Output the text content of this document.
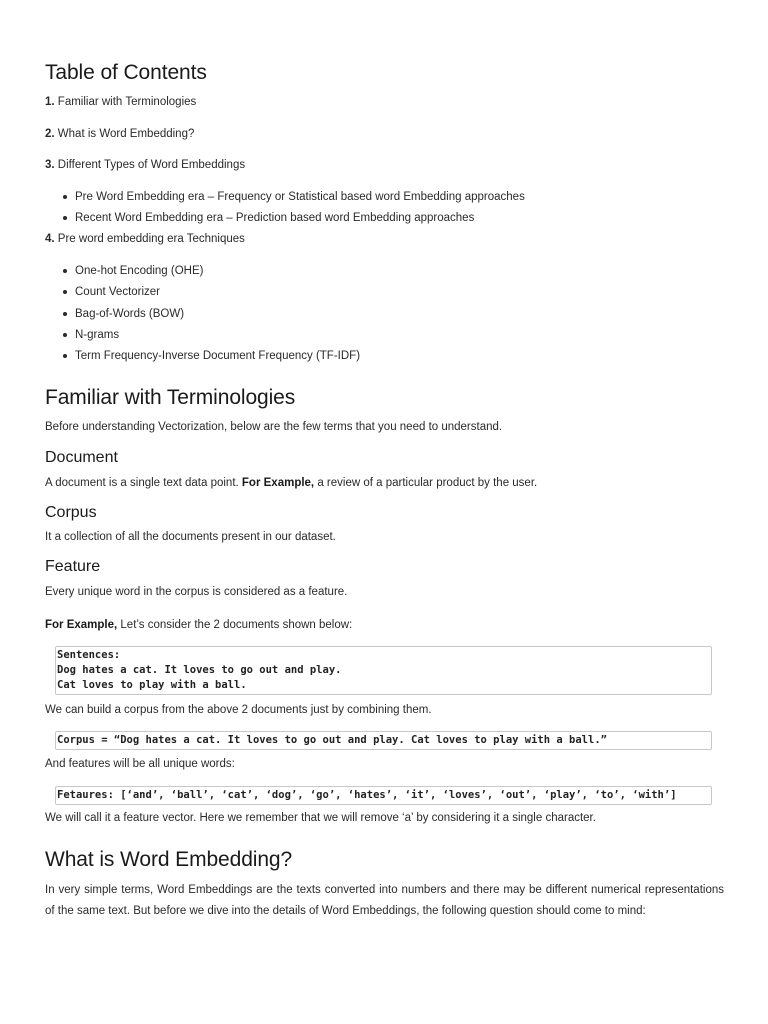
Table of Contents

1. Familiar with Terminologies

2. What is Word Embedding?

3. Different Types of Word Embeddings

Pre Word Embedding era – Frequency or Statistical based word Embedding approaches
Recent Word Embedding era – Prediction based word Embedding approaches

4. Pre word embedding era Techniques

One-hot Encoding (OHE)
Count Vectorizer
Bag-of-Words (BOW)
N-grams
Term Frequency-Inverse Document Frequency (TF-IDF)
Familiar with Terminologies

Before understanding Vectorization, below are the few terms that you need to understand.

Document

A document is a single text data point. For Example, a review of a particular product by the user.

Corpus

It a collection of all the documents present in our dataset.

Feature

Every unique word in the corpus is considered as a feature.

For Example, Let’s consider the 2 documents shown below:

Sentences:
Dog hates a cat. It loves to go out and play.
Cat loves to play with a ball.

We can build a corpus from the above 2 documents just by combining them.

Corpus = “Dog hates a cat. It loves to go out and play. Cat loves to play with a ball.”

And features will be all unique words:

Fetaures: [‘and’, ‘ball’, ‘cat’, ‘dog’, ‘go’, ‘hates’, ‘it’, ‘loves’, ‘out’, ‘play’, ‘to’, ‘with’]

We will call it a feature vector. Here we remember that we will remove ‘a’ by considering it a single character.

What is Word Embedding?

In very simple terms, Word Embeddings are the texts converted into numbers and there may be different numerical representations of the same text. But before we dive into the details of Word Embeddings, the following question should come to mind:
